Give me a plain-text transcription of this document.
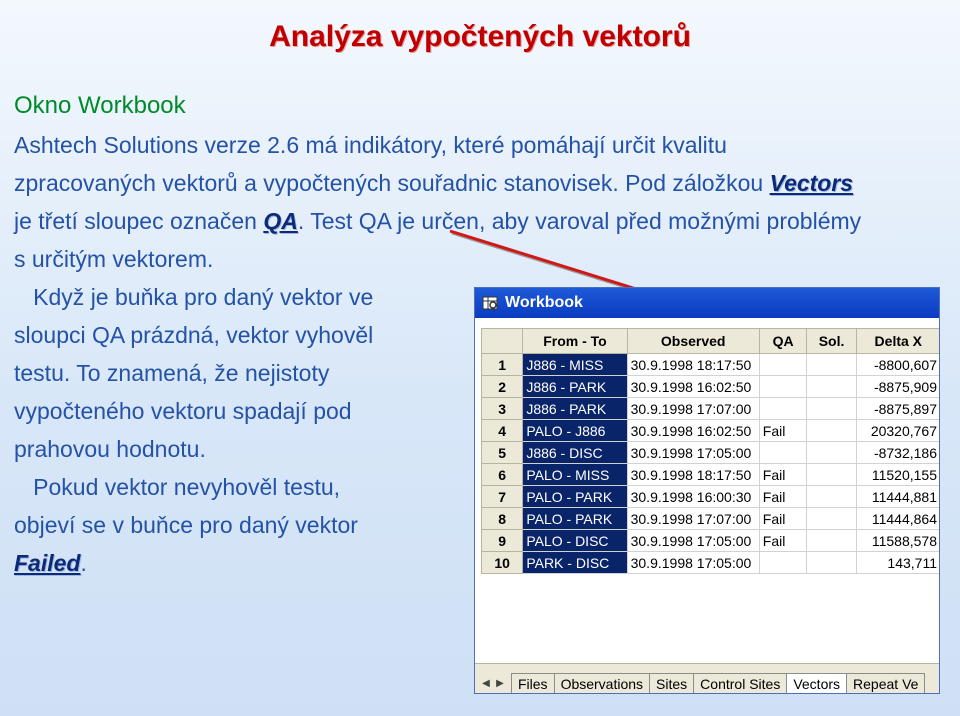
Analýza vypočtených vektorů
Okno Workbook

Ashtech Solutions verze 2.6 má indikátory, které pomáhají určit kvalitu zpracovaných vektorů a vypočtených souřadnic stanovisek. Pod záložkou Vectors je třetí sloupec označen QA. Test QA je určen, aby varoval před možnými problémy s určitým vektorem.

Když je buňka pro daný vektor ve
sloupci QA prázdná, vektor vyhověl
testu. To znamená, že nejistoty
vypočteného vektoru spadají pod
prahovou hodnotu.
Pokud vektor nevyhověl testu,
objeví se v buňce pro daný vektor
Failed.
Workbook
	From - To	Observed	QA	Sol.	Delta X
1	J886 - MISS	30.9.1998 18:17:50			-8800,607
2	J886 - PARK	30.9.1998 16:02:50			-8875,909
3	J886 - PARK	30.9.1998 17:07:00			-8875,897
4	PALO - J886	30.9.1998 16:02:50	Fail		20320,767
5	J886 - DISC	30.9.1998 17:05:00			-8732,186
6	PALO - MISS	30.9.1998 18:17:50	Fail		11520,155
7	PALO - PARK	30.9.1998 16:00:30	Fail		11444,881
8	PALO - PARK	30.9.1998 17:07:00	Fail		11444,864
9	PALO - DISC	30.9.1998 17:05:00	Fail		11588,578
10	PARK - DISC	30.9.1998 17:05:00			143,711
◀ ▶	Files Observations Sites Control Sites Vectors Repeat Ve
